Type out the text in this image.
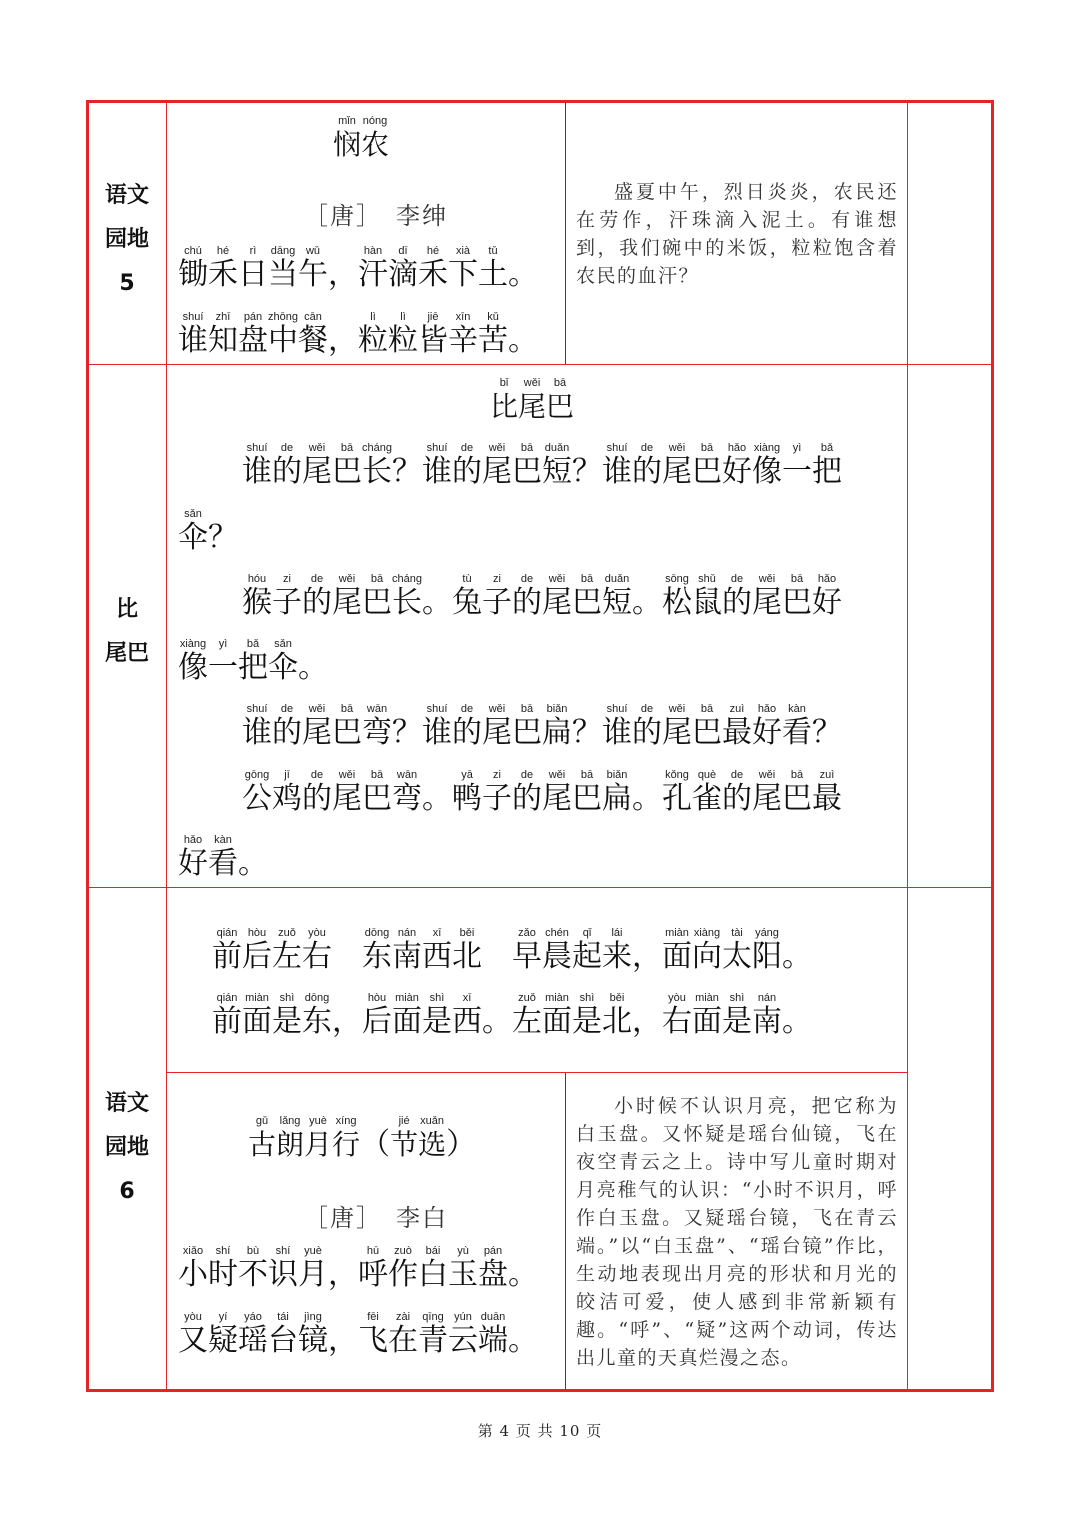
语文
园地
5
比
尾巴
语文
园地
6
mǐn
悯
nóng
农
［唐］　李绅
chú
锄
hé
禾
rì
日
dāng
当
wǔ
午 ，
hàn
汗
dī
滴
hé
禾
xià
下
tǔ
土 。
shuí
谁
zhī
知
pán
盘
zhōng
中
cān
餐 ，
lì
粒
lì
粒
jiē
皆
xīn
辛
kǔ
苦 。
盛夏中午，烈日炎炎，农民还在劳作，汗珠滴入泥土。有谁想到，我们碗中的米饭，粒粒饱含着农民的血汗？
bǐ
比
wěi
尾
bā
巴
shuí
谁
de
的
wěi
尾
bā
巴
cháng
长 ？
shuí
谁
de
的
wěi
尾
bā
巴
duǎn
短 ？
shuí
谁
de
的
wěi
尾
bā
巴
hǎo
好
xiàng
像
yì
一
bǎ
把
sǎn
伞 ？
hóu
猴
zi
子
de
的
wěi
尾
bā
巴
cháng
长 。
tù
兔
zi
子
de
的
wěi
尾
bā
巴
duǎn
短 。
sōng
松
shǔ
鼠
de
的
wěi
尾
bā
巴
hǎo
好
xiàng
像
yì
一
bǎ
把
sǎn
伞 。
shuí
谁
de
的
wěi
尾
bā
巴
wān
弯 ？
shuí
谁
de
的
wěi
尾
bā
巴
biǎn
扁 ？
shuí
谁
de
的
wěi
尾
bā
巴
zuì
最
hǎo
好
kàn
看 ？
gōng
公
jī
鸡
de
的
wěi
尾
bā
巴
wān
弯 。
yā
鸭
zi
子
de
的
wěi
尾
bā
巴
biǎn
扁 。
kǒng
孔
què
雀
de
的
wěi
尾
bā
巴
zuì
最
hǎo
好
kàn
看 。
qián
前
hòu
后
zuǒ
左
yòu
右

dōng
东
nán
南
xī
西
běi
北

zǎo
早
chén
晨
qǐ
起
lái
来 ，
miàn
面
xiàng
向
tài
太
yáng
阳 。
qián
前
miàn
面
shì
是
dōng
东 ，
hòu
后
miàn
面
shì
是
xī
西 。
zuǒ
左
miàn
面
shì
是
běi
北 ，
yòu
右
miàn
面
shì
是
nán
南 。
gǔ
古
lǎng
朗
yuè
月
xíng
行 （
jié
节
xuǎn
选 ）
［唐］　李白
xiǎo
小
shí
时
bù
不
shí
识
yuè
月 ，
hū
呼
zuò
作
bái
白
yù
玉
pán
盘 。
yòu
又
yí
疑
yáo
瑶
tái
台
jìng
镜 ，
fēi
飞
zài
在
qīng
青
yún
云
duān
端 。
小时候不认识月亮，把它称为白玉盘。又怀疑是瑶台仙镜，飞在夜空青云之上。诗中写儿童时期对月亮稚气的认识：“小时不识月，呼作白玉盘。又疑瑶台镜，飞在青云端。”以“白玉盘”、“瑶台镜”作比，生动地表现出月亮的形状和月光的皎洁可爱，使人感到非常新颖有趣。“呼”、“疑”这两个动词，传达出儿童的天真烂漫之态。
第 4 页 共 10 页
